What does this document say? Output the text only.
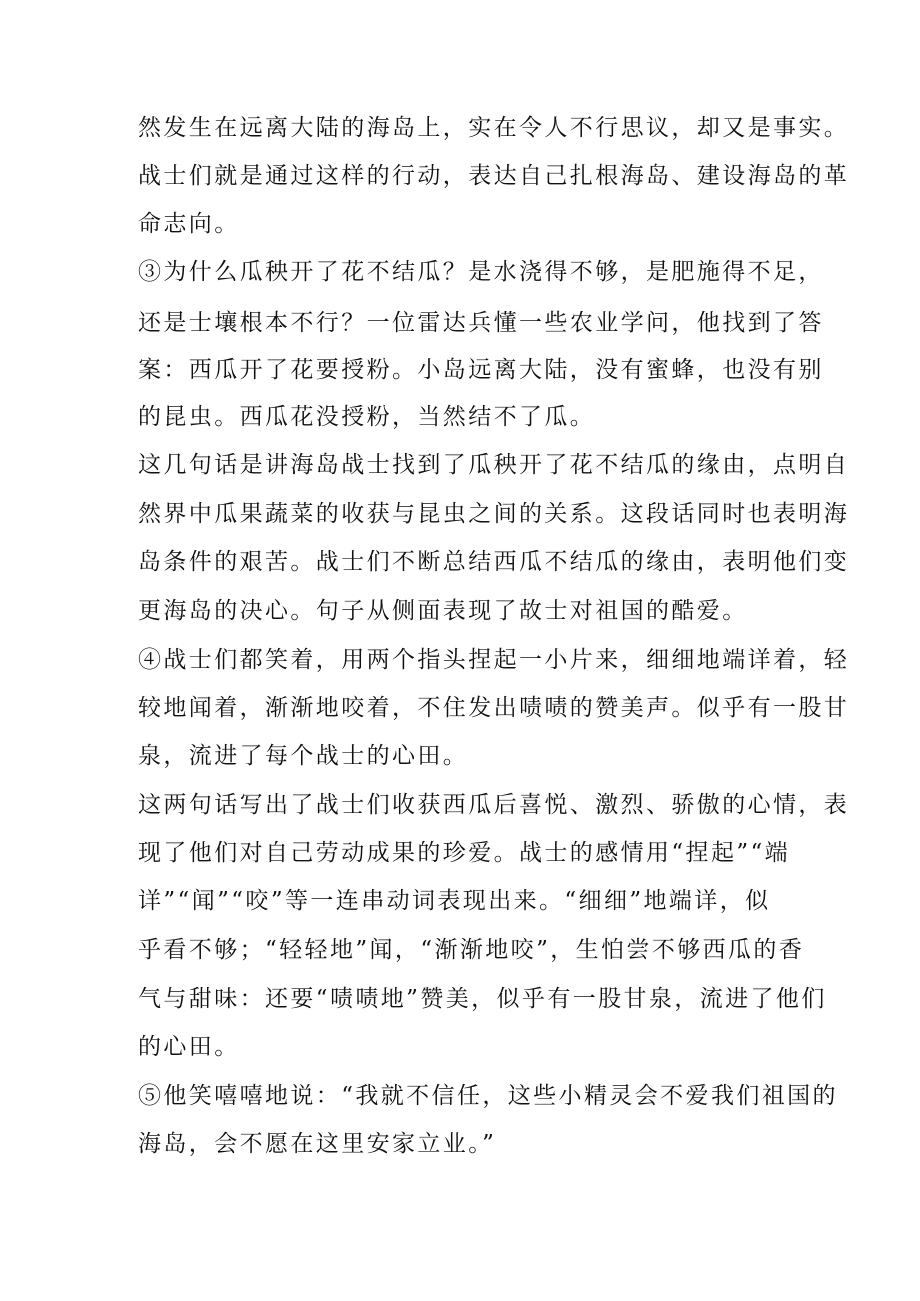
然发生在远离大陆的海岛上，实在令人不行思议，却又是事实。

战士们就是通过这样的行动，表达自己扎根海岛、建设海岛的革

命志向。

③为什么瓜秧开了花不结瓜？是水浇得不够，是肥施得不足，

还是士壤根本不行？一位雷达兵懂一些农业学问，他找到了答

案：西瓜开了花要授粉。小岛远离大陆，没有蜜蜂，也没有别

的昆虫。西瓜花没授粉，当然结不了瓜。

这几句话是讲海岛战士找到了瓜秧开了花不结瓜的缘由，点明自

然界中瓜果蔬菜的收获与昆虫之间的关系。这段话同时也表明海

岛条件的艰苦。战士们不断总结西瓜不结瓜的缘由，表明他们变

更海岛的决心。句子从侧面表现了故士对祖国的酷爱。

④战士们都笑着，用两个指头捏起一小片来，细细地端详着，轻

较地闻着，渐渐地咬着，不住发出啧啧的赞美声。似乎有一股甘

泉，流进了每个战士的心田。

这两句话写出了战士们收获西瓜后喜悦、激烈、骄傲的心情，表

现了他们对自己劳动成果的珍爱。战士的感情用“捏起”“端

详”“闻”“咬”等一连串动词表现出来。“细细”地端详，似

乎看不够；“轻轻地”闻，“渐渐地咬”，生怕尝不够西瓜的香

气与甜味：还要“啧啧地”赞美，似乎有一股甘泉，流进了他们

的心田。

⑤他笑嘻嘻地说：“我就不信任，这些小精灵会不爱我们祖国的

海岛，会不愿在这里安家立业。”
